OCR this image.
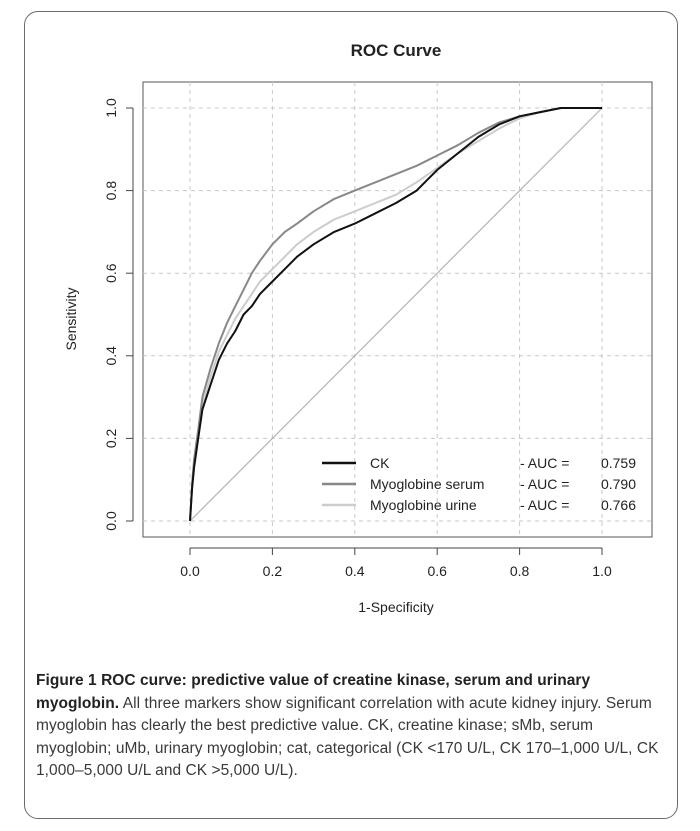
ROC Curve
0.0	0.2	0.4	0.6	0.8	1.0
0.0
0.2
0.4
0.6
0.8
1.0
1-Specificity
Sensitivity
CK	- AUC = 0.759
Myoglobine serum	- AUC = 0.790
Myoglobine urine	- AUC = 0.766
Figure 1 ROC curve: predictive value of creatine kinase, serum and urinary myoglobin. All three markers show significant correlation with acute kidney injury. Serum myoglobin has clearly the best predictive value. CK, creatine kinase; sMb, serum myoglobin; uMb, urinary myoglobin; cat, categorical (CK <170 U/L, CK 170–1,000 U/L, CK 1,000–5,000 U/L and CK >5,000 U/L).
